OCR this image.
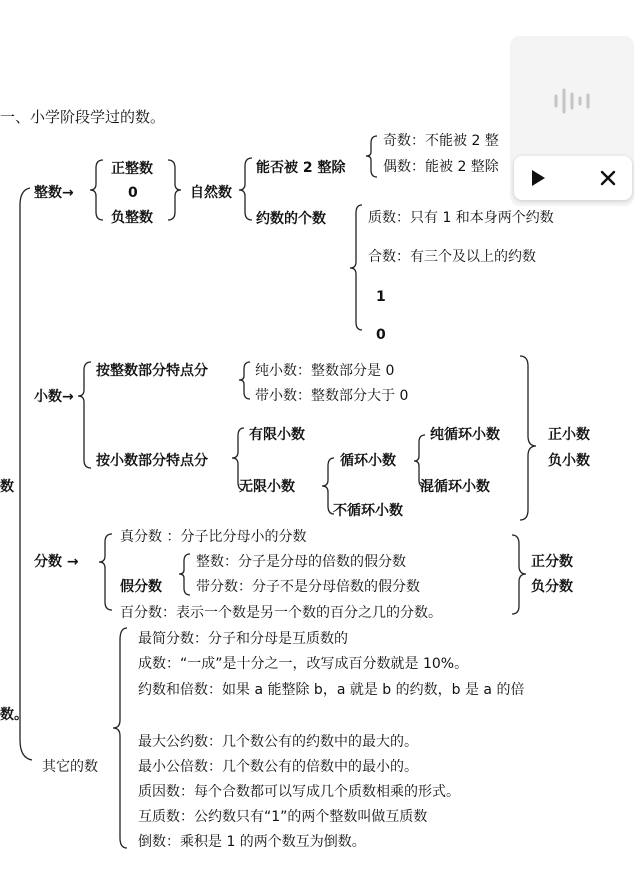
一、小学阶段学过的数。
数
数。
整数→
正整数
0
负整数
自然数
能否被 2 整除
奇数：不能被 2 整
偶数：能被 2 整除
约数的个数	质数：只有 1 和本身两个约数
合数：有三个及以上的约数
1
0
小数→
按整数部分特点分	纯小数：整数部分是 0
带小数：整数部分大于 0
按小数部分特点分
有限小数
无限小数
循环小数
纯循环小数
混循环小数
不循环小数
正小数
负小数
分数 →
真分数 ：分子比分母小的分数
假分数
整数：分子是分母的倍数的假分数
带分数：分子不是分母倍数的假分数
百分数：表示一个数是另一个数的百分之几的分数。
正分数
负分数
其它的数
最简分数：分子和分母是互质数的
成数：“一成”是十分之一，改写成百分数就是 10%。
约数和倍数：如果 a 能整除 b，a 就是 b 的约数，b 是 a 的倍
最大公约数：几个数公有的约数中的最大的。
最小公倍数：几个数公有的倍数中的最小的。
质因数：每个合数都可以写成几个质数相乘的形式。
互质数：公约数只有“1”的两个整数叫做互质数
倒数：乘积是 1 的两个数互为倒数。
